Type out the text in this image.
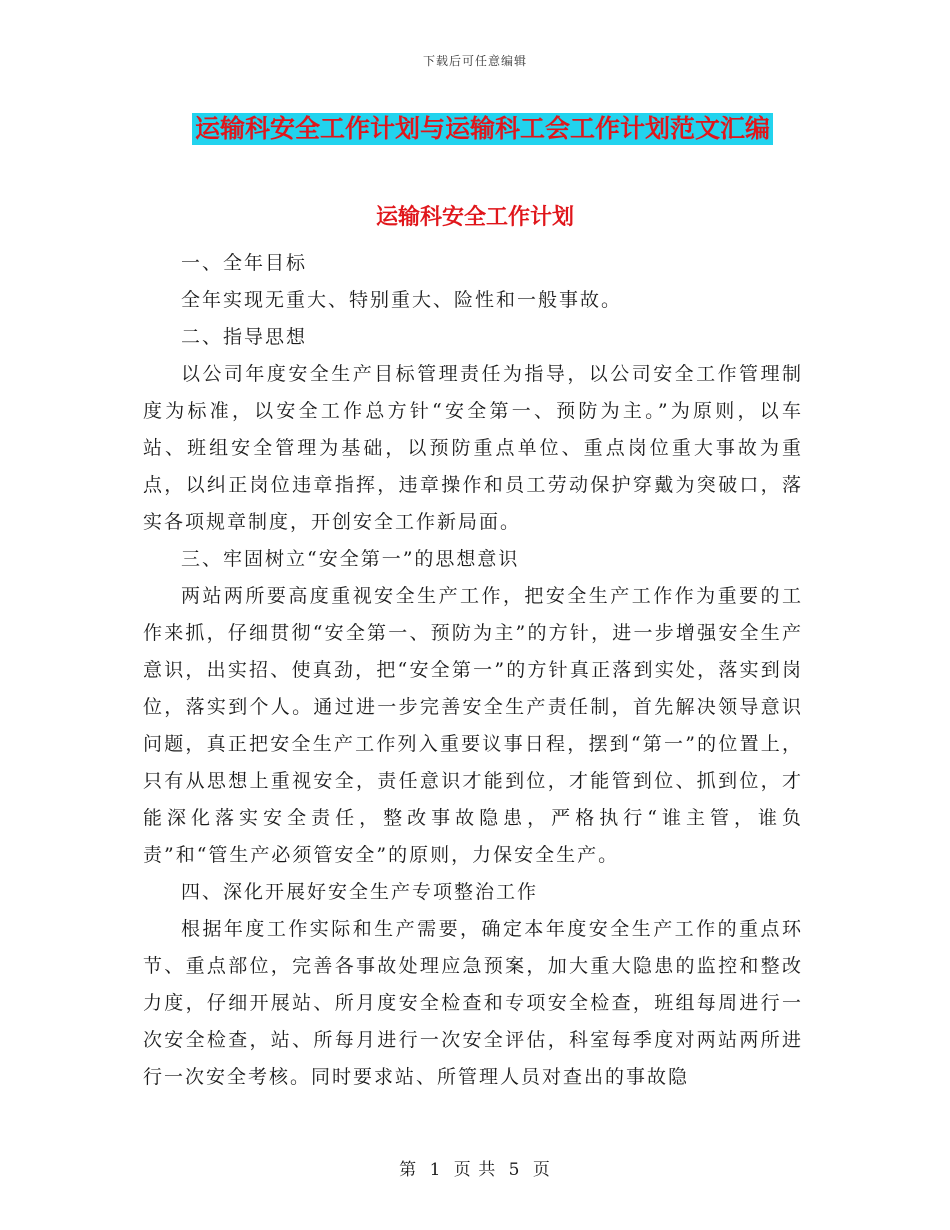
下载后可任意编辑
运输科安全工作计划与运输科工会工作计划范文汇编
运输科安全工作计划

一、全年目标

全年实现无重大、特别重大、险性和一般事故。

二、指导思想

以公司年度安全生产目标管理责任为指导，以公司安全工作管理制度为标准，以安全工作总方针“安全第一、预防为主。”为原则，以车站、班组安全管理为基础，以预防重点单位、重点岗位重大事故为重点，以纠正岗位违章指挥，违章操作和员工劳动保护穿戴为突破口，落实各项规章制度，开创安全工作新局面。

三、牢固树立“安全第一”的思想意识

两站两所要高度重视安全生产工作，把安全生产工作作为重要的工作来抓，仔细贯彻“安全第一、预防为主”的方针，进一步增强安全生产意识，出实招、使真劲，把“安全第一”的方针真正落到实处，落实到岗位，落实到个人。通过进一步完善安全生产责任制，首先解决领导意识问题，真正把安全生产工作列入重要议事日程，摆到“第一”的位置上，只有从思想上重视安全，责任意识才能到位，才能管到位、抓到位，才能深化落实安全责任，整改事故隐患，严格执行“谁主管，谁负责”和“管生产必须管安全”的原则，力保安全生产。

四、深化开展好安全生产专项整治工作

根据年度工作实际和生产需要，确定本年度安全生产工作的重点环节、重点部位，完善各事故处理应急预案，加大重大隐患的监控和整改力度，仔细开展站、所月度安全检查和专项安全检查，班组每周进行一次安全检查，站、所每月进行一次安全评估，科室每季度对两站两所进行一次安全考核。同时要求站、所管理人员对查出的事故隐

第 1 页 共 5 页
